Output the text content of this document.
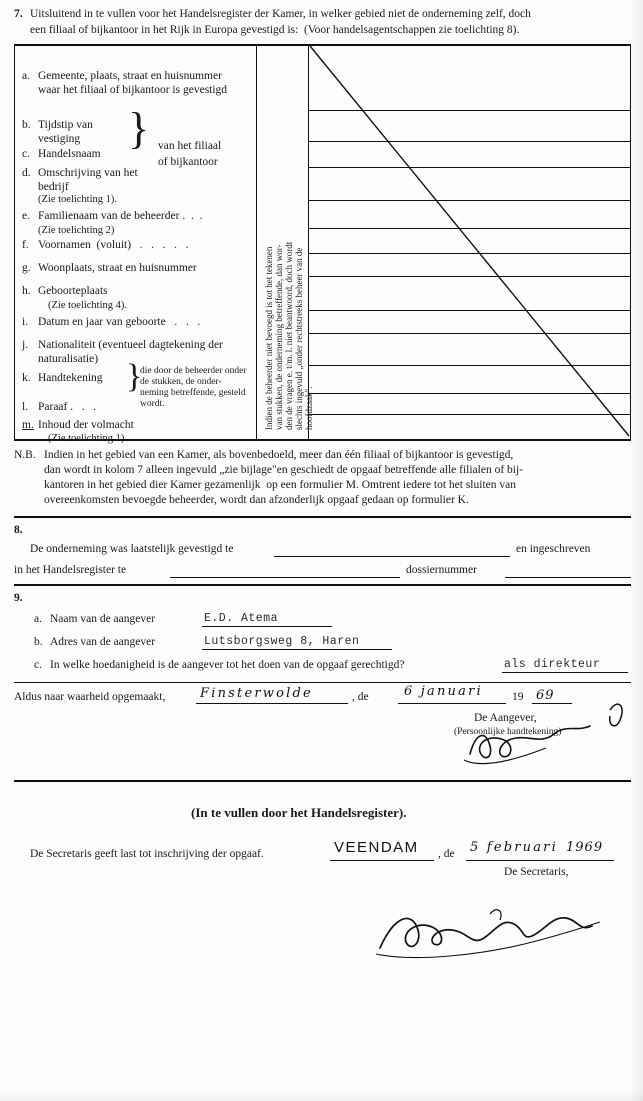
7. Uitsluitend in te vullen voor het Handelsregister der Kamer, in welker gebied niet de onderneming zelf, doch
een filiaal of bijkantoor in het Rijk in Europa gevestigd is:  (Voor handelsagentschappen zie toelichting 8).
a. Gemeente, plaats, straat en huisnummer waar het filiaal of bijkantoor is gevestigd
b. Tijdstip van vestiging
c. Handelsnaam
d. Omschrijving van het bedrijf
(Zie toelichting 1).
} van het filiaal
of bijkantoor
e. Familienaam van de beheerder .  .  .
(Zie toelichting 2)
f. Voornamen  (voluit)   .   .   .   .   .
g. Woonplaats, straat en huisnummer
h. Geboorteplaats
(Zie toelichting 4).
i. Datum en jaar van geboorte   .   .   .
j. Nationaliteit (eventueel dagtekening der naturalisatie)
k. Handtekening }
die door de beheerder onder de stukken, de onder- neming betreffende, gesteld wordt.
l. Paraaf .   .   .
m. Inhoud der volmacht
(Zie toelichting 1).
Indien de beheerder niet bevoegd is tot het tekenen van stukken, de onderneming betreffende, dan wor- den de vragen e. t/m. l. niet beantwoord, doch wordt slechts ingevuld „onder rechtstreeks beheer van de hoofdzaak".
N.B. Indien in het gebied van een Kamer, als bovenbedoeld, meer dan één filiaal of bijkantoor is gevestigd,
dan wordt in kolom 7 alleen ingevuld „zie bijlage"en geschiedt de opgaaf betreffende alle filialen of bij-
kantoren in het gebied dier Kamer gezamenlijk  op een formulier M. Omtrent iedere tot het sluiten van
overeenkomsten bevoegde beheerder, wordt dan afzonderlijk opgaaf gedaan op formulier K.
8.
De onderneming was laatstelijk gevestigd te	en ingeschreven
in het Handelsregister te	dossiernummer
9.
a. Naam van de aangever	E.D. Atema
b. Adres van de aangever	Lutsborgsweg 8, Haren
c. In welke hoedanigheid is de aangever tot het doen van de opgaaf gerechtigd?	als direkteur
Aldus naar waarheid opgemaakt,	Finsterwolde	, de	6 januari	19 69
De Aangever,
(Persoonlijke handtekening)
(In te vullen door het Handelsregister).
De Secretaris geeft last tot inschrijving der opgaaf.	VEENDAM , de 5 februari 1969
De Secretaris,
